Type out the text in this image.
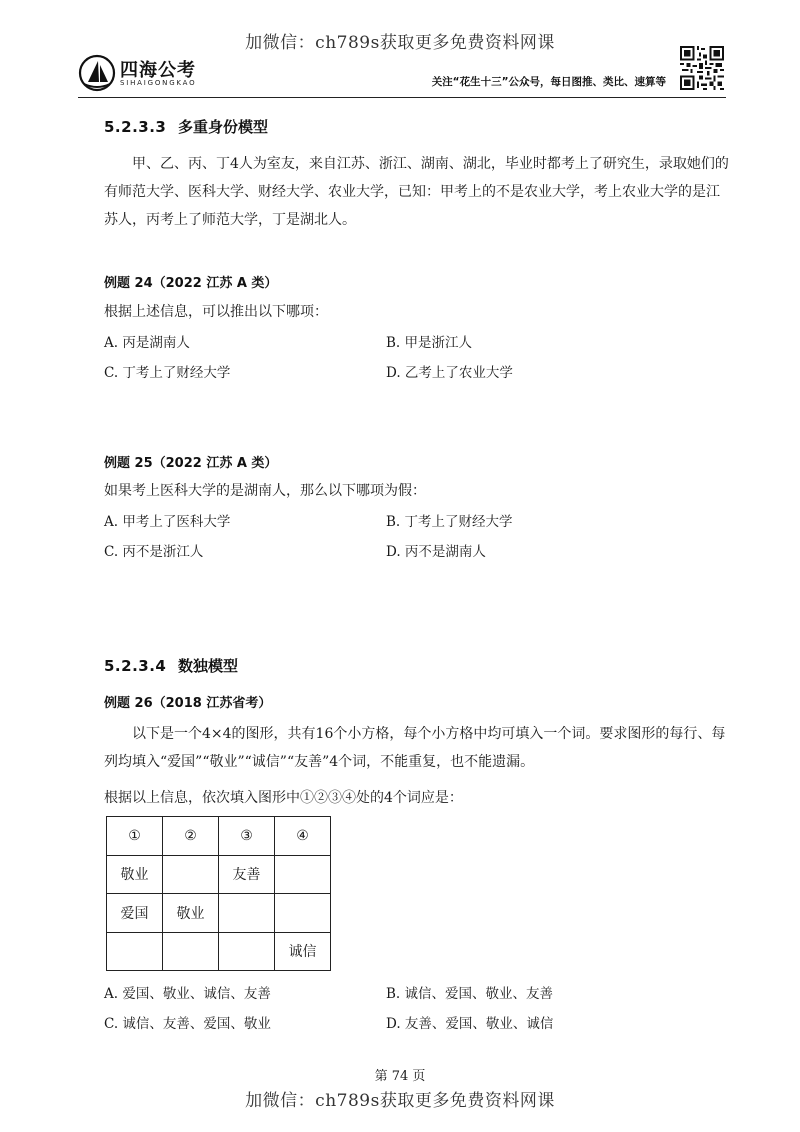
加微信：ch789s获取更多免费资料网课
四海公考
SIHAIGONGKAO	关注“花生十三”公众号，每日图推、类比、速算等
5.2.3.3 多重身份模型
甲、乙、丙、丁4人为室友，来自江苏、浙江、湖南、湖北，毕业时都考上了研究生，录取她们的有师范大学、医科大学、财经大学、农业大学，已知：甲考上的不是农业大学，考上农业大学的是江苏人，丙考上了师范大学，丁是湖北人。
例题 24（2022 江苏 A 类）
根据上述信息，可以推出以下哪项：
A. 丙是湖南人	B. 甲是浙江人
C. 丁考上了财经大学	D. 乙考上了农业大学
例题 25（2022 江苏 A 类）
如果考上医科大学的是湖南人，那么以下哪项为假：
A. 甲考上了医科大学	B. 丁考上了财经大学
C. 丙不是浙江人	D. 丙不是湖南人
5.2.3.4 数独模型
例题 26（2018 江苏省考）
以下是一个4×4的图形，共有16个小方格，每个小方格中均可填入一个词。要求图形的每行、每列均填入“爱国”“敬业”“诚信”“友善”4个词，不能重复，也不能遗漏。
根据以上信息，依次填入图形中①②③④处的4个词应是：
①	②	③	④
敬业		友善	
爱国	敬业		
			诚信
A. 爱国、敬业、诚信、友善	B. 诚信、爱国、敬业、友善
C. 诚信、友善、爱国、敬业	D. 友善、爱国、敬业、诚信
第 74 页
加微信：ch789s获取更多免费资料网课
